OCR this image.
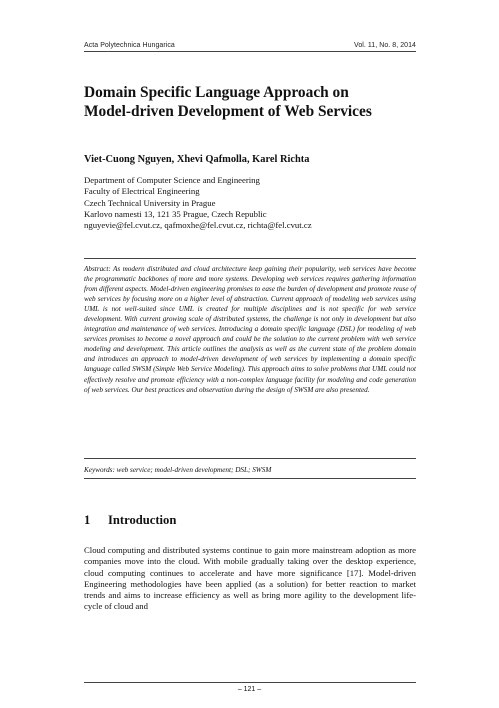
Acta Polytechnica Hungarica	Vol. 11, No. 8, 2014
Domain Specific Language Approach on
Model-driven Development of Web Services
Viet-Cuong Nguyen, Xhevi Qafmolla, Karel Richta
Department of Computer Science and Engineering
Faculty of Electrical Engineering
Czech Technical University in Prague
Karlovo namesti 13, 121 35 Prague, Czech Republic
nguyevie@fel.cvut.cz, qafmoxhe@fel.cvut.cz, richta@fel.cvut.cz

Abstract: As modern distributed and cloud architecture keep gaining their popularity, web services have become the programmatic backbones of more and more systems. Developing web services requires gathering information from different aspects. Model-driven engineering promises to ease the burden of development and promote reuse of web services by focusing more on a higher level of abstraction. Current approach of modeling web services using UML is not well-suited since UML is created for multiple disciplines and is not specific for web service development. With current growing scale of distributed systems, the challenge is not only in development but also integration and maintenance of web services. Introducing a domain specific language (DSL) for modeling of web services promises to become a novel approach and could be the solution to the current problem with web service modeling and development. This article outlines the analysis as well as the current state of the problem domain and introduces an approach to model-driven development of web services by implementing a domain specific language called SWSM (Simple Web Service Modeling). This approach aims to solve problems that UML could not effectively resolve and promote efficiency with a non-complex language facility for modeling and code generation of web services. Our best practices and observation during the design of SWSM are also presented.

Keywords: web service; model-driven development; DSL; SWSM
1 Introduction

Cloud computing and distributed systems continue to gain more mainstream adoption as more companies move into the cloud. With mobile gradually taking over the desktop experience, cloud computing continues to accelerate and have more significance [17]. Model-driven Engineering methodologies have been applied (as a solution) for better reaction to market trends and aims to increase efficiency as well as bring more agility to the development life-cycle of cloud and

– 121 –
